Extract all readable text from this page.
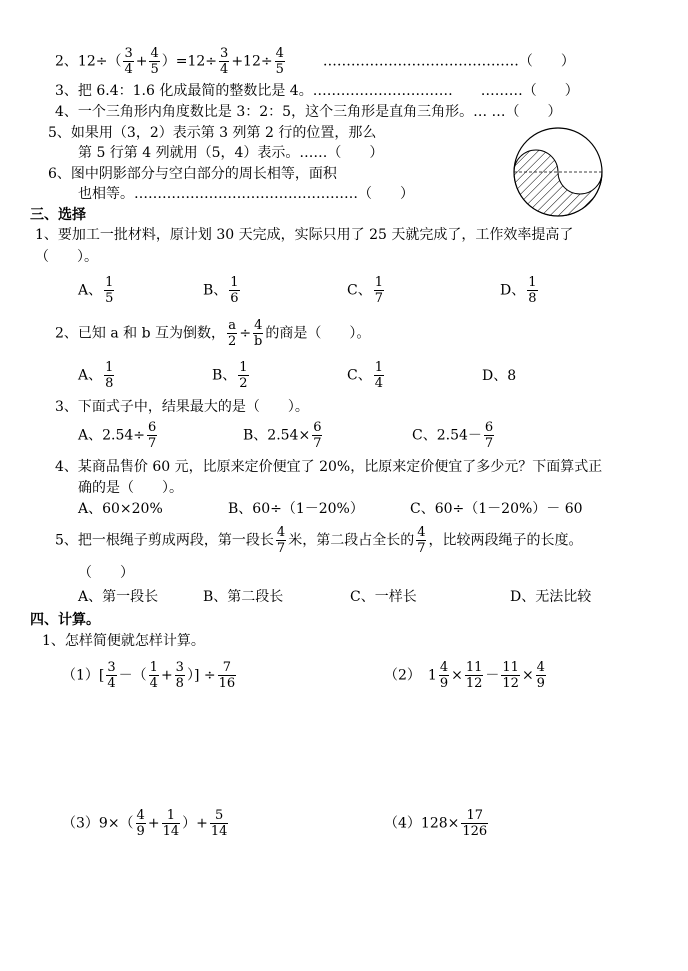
2、$12\div( \frac{3}{4} + \frac{4}{5} )=12\div \frac{3}{4} +12\div \frac{4}{5}$	……………………………………（　　）
3、把 6.4：1.6 化成最简的整数比是 4。…………………………　　………（　　）
4、一个三角形内角度数比是 3：2：5，这个三角形是直角三角形。… …（　　）
5、如果用（3，2）表示第 3 列第 2 行的位置，那么
第 5 行第 4 列就用（5，4）表示。……（　　）
6、图中阴影部分与空白部分的周长相等，面积
也相等。…………………………………………（　　）
三、选择
1、要加工一批材料，原计划 30 天完成，实际只用了 25 天就完成了，工作效率提高了
（　　）。
A、 $\frac{1}{5}$	B、 $\frac{1}{6}$	C、 $\frac{1}{7}$	D、 $\frac{1}{8}$
2、已知 a 和 b 互为倒数， $\frac{a}{2} \div \frac{4}{b}$ 的商是（　　）。
A、 $\frac{1}{8}$	B、 $\frac{1}{2}$	C、 $\frac{1}{4}$	D、8
3、下面式子中，结果最大的是（　　）。
A、$2.54\div \frac{6}{7}$	B、$2.54\times \frac{6}{7}$	C、$2.54- \frac{6}{7}$
4、某商品售价 60 元，比原来定价便宜了 20%，比原来定价便宜了多少元？下面算式正
确的是（　　）。
A、60×20%	B、60÷（1－20%）	C、60÷（1－20%）－ 60
5、把一根绳子剪成两段，第一段长 $\frac{4}{7}$ 米，第二段占全长的 $\frac{4}{7}$ ，比较两段绳子的长度。
（　　）
A、第一段长	B、第二段长	C、一样长	D、无法比较
四、计算。
1、怎样简便就怎样计算。
$(1)[ \frac{3}{4}$ －（ $\frac{1}{4} + \frac{3}{8}$ ）] ÷ $\frac{7}{16}$	（2）　$1 \frac{4}{9} \times \frac{11}{12} - \frac{11}{12} \times \frac{4}{9}$
$(3)9\times( \frac{4}{9} + \frac{1}{14}$ ）+ $\frac{5}{14}$	$(4)128\times \frac{17}{126}$
